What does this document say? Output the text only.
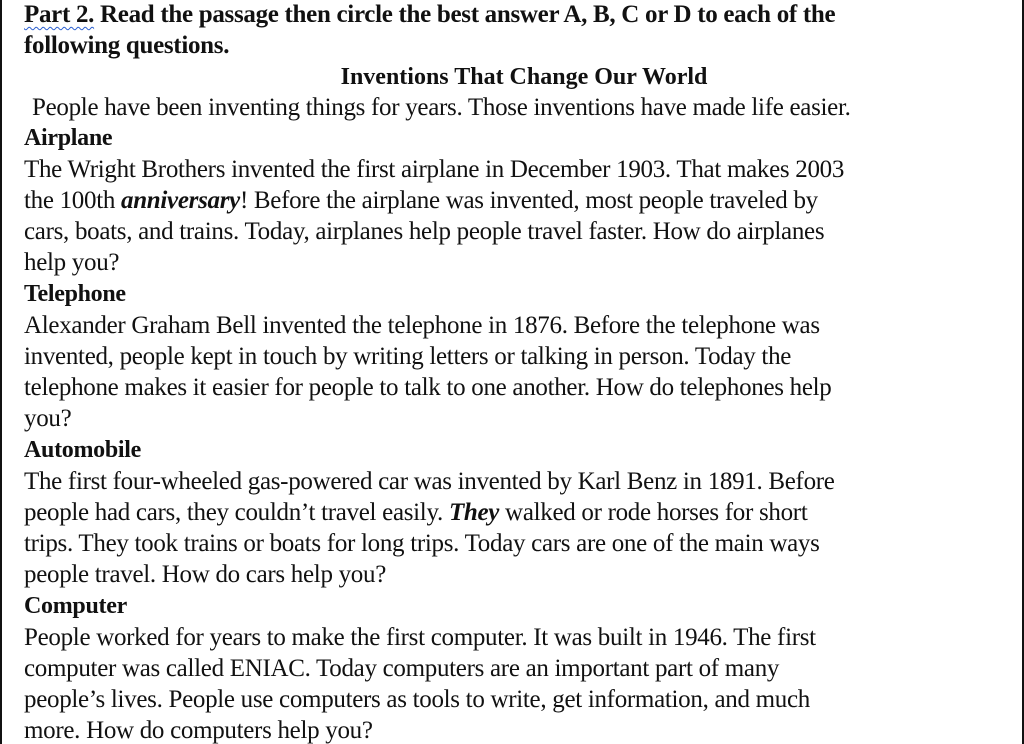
Part 2. Read the passage then circle the best answer A, B, C or D to each of the
following questions.
Inventions That Change Our World
People have been inventing things for years. Those inventions have made life easier.
Airplane
The Wright Brothers invented the first airplane in December 1903. That makes 2003
the 100th anniversary! Before the airplane was invented, most people traveled by
cars, boats, and trains. Today, airplanes help people travel faster. How do airplanes
help you?
Telephone
Alexander Graham Bell invented the telephone in 1876. Before the telephone was
invented, people kept in touch by writing letters or talking in person. Today the
telephone makes it easier for people to talk to one another. How do telephones help
you?
Automobile
The first four-wheeled gas-powered car was invented by Karl Benz in 1891. Before
people had cars, they couldn’t travel easily. They walked or rode horses for short
trips. They took trains or boats for long trips. Today cars are one of the main ways
people travel. How do cars help you?
Computer
People worked for years to make the first computer. It was built in 1946. The first
computer was called ENIAC. Today computers are an important part of many
people’s lives. People use computers as tools to write, get information, and much
more. How do computers help you?
